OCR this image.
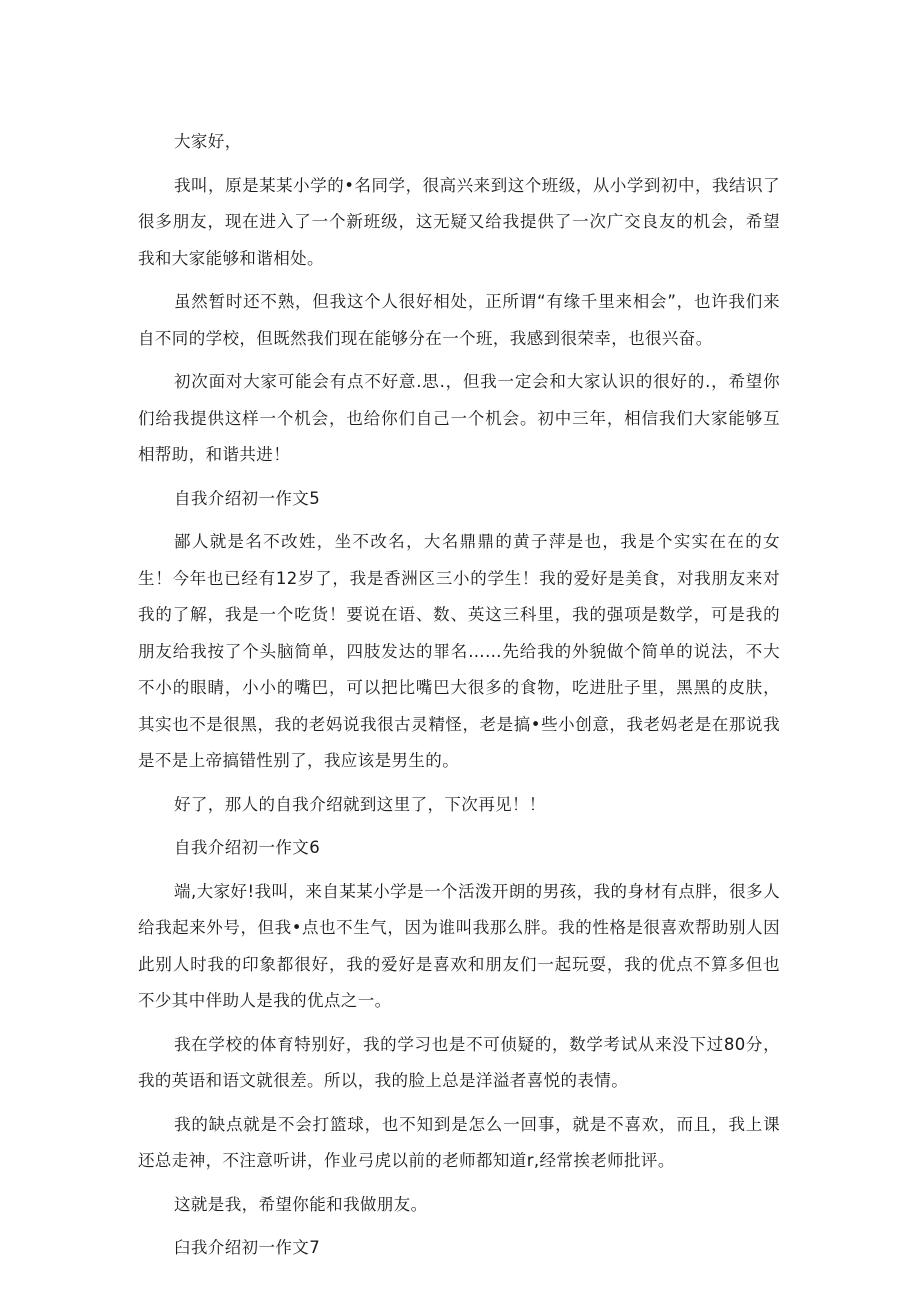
大家好，

我叫，原是某某小学的•名同学，很高兴来到这个班级，从小学到初中，我结识了很多朋友，现在进入了一个新班级，这无疑又给我提供了一次广交良友的机会，希望我和大家能够和谐相处。

虽然暂时还不熟，但我这个人很好相处，正所谓“有缘千里来相会”，也许我们来自不同的学校，但既然我们现在能够分在一个班，我感到很荣幸，也很兴奋。

初次面对大家可能会有点不好意.思.，但我一定会和大家认识的很好的.，希望你们给我提供这样一个机会，也给你们自己一个机会。初中三年，相信我们大家能够互相帮助，和谐共进！

自我介绍初一作文5

鄙人就是名不改姓，坐不改名，大名鼎鼎的黄子萍是也，我是个实实在在的女生！今年也已经有12岁了，我是香洲区三小的学生！我的爱好是美食，对我朋友来对我的了解，我是一个吃货！要说在语、数、英这三科里，我的强项是数学，可是我的朋友给我按了个头脑简单，四肢发达的罪名……先给我的外貌做个简单的说法，不大不小的眼睛，小小的嘴巴，可以把比嘴巴大很多的食物，吃进肚子里，黑黑的皮肤，其实也不是很黑，我的老妈说我很古灵精怪，老是搞•些小创意，我老妈老是在那说我是不是上帝搞错性别了，我应该是男生的。

好了，那人的自我介绍就到这里了，下次再见！！

自我介绍初一作文6

端,大家好!我叫，来自某某小学是一个活泼开朗的男孩，我的身材有点胖，很多人给我起来外号，但我•点也不生气，因为谁叫我那么胖。我的性格是很喜欢帮助别人因此别人时我的印象都很好，我的爱好是喜欢和朋友们一起玩耍，我的优点不算多但也不少其中伴助人是我的优点之一。

我在学校的体育特别好，我的学习也是不可侦疑的，数学考试从来没下过80分，我的英语和语文就很差。所以，我的脸上总是洋溢者喜悦的表情。

我的缺点就是不会打篮球，也不知到是怎么一回事，就是不喜欢，而且，我上课还总走神，不注意听讲，作业弓虎以前的老师都知道r,经常挨老师批评。

这就是我，希望你能和我做朋友。

臼我介绍初一作文7
